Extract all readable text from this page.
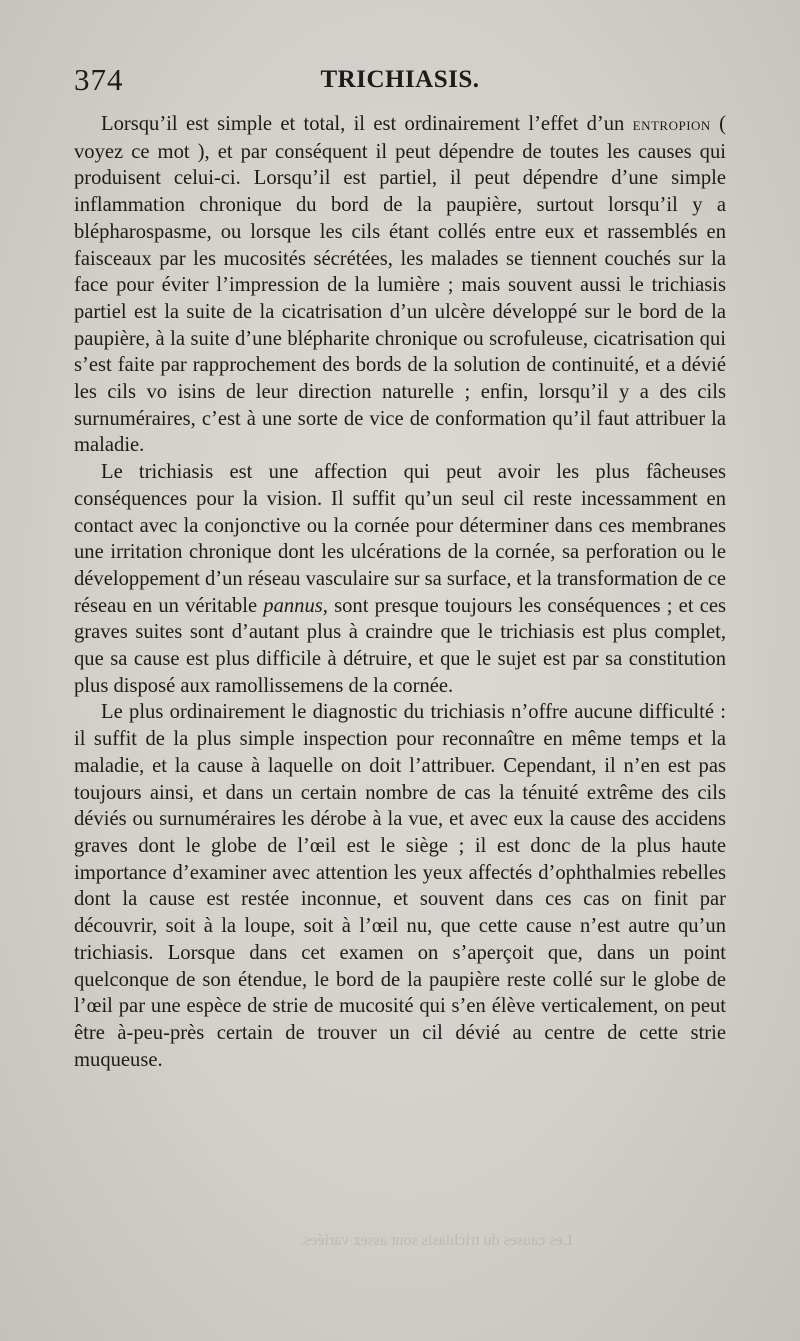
374	TRICHIASIS.

Lorsqu’il est simple et total, il est ordinairement l’effet d’un entropion ( voyez ce mot ), et par conséquent il peut dépendre de toutes les causes qui produisent celui-ci. Lorsqu’il est partiel, il peut dépendre d’une simple inflammation chronique du bord de la paupière, surtout lorsqu’il y a blépharospasme, ou lorsque les cils étant collés entre eux et rassemblés en faisceaux par les mucosités sécrétées, les malades se tiennent couchés sur la face pour éviter l’impression de la lumière ; mais souvent aussi le trichiasis partiel est la suite de la cicatrisation d’un ulcère développé sur le bord de la paupière, à la suite d’une blépharite chronique ou scrofuleuse, cicatrisation qui s’est faite par rapprochement des bords de la solution de continuité, et a dévié les cils vo isins de leur direction naturelle ; enfin, lorsqu’il y a des cils surnuméraires, c’est à une sorte de vice de conformation qu’il faut attribuer la maladie.

Le trichiasis est une affection qui peut avoir les plus fâcheuses conséquences pour la vision. Il suffit qu’un seul cil reste incessamment en contact avec la conjonctive ou la cornée pour déterminer dans ces membranes une irritation chronique dont les ulcérations de la cornée, sa perforation ou le développement d’un réseau vasculaire sur sa surface, et la transformation de ce réseau en un véritable pannus, sont presque toujours les conséquences ; et ces graves suites sont d’autant plus à craindre que le trichiasis est plus complet, que sa cause est plus difficile à détruire, et que le sujet est par sa constitution plus disposé aux ramollissemens de la cornée.

Le plus ordinairement le diagnostic du trichiasis n’offre aucune difficulté : il suffit de la plus simple inspection pour reconnaître en même temps et la maladie, et la cause à laquelle on doit l’attribuer. Cependant, il n’en est pas toujours ainsi, et dans un certain nombre de cas la ténuité extrême des cils déviés ou surnuméraires les dérobe à la vue, et avec eux la cause des accidens graves dont le globe de l’œil est le siège ; il est donc de la plus haute importance d’examiner avec attention les yeux affectés d’ophthalmies rebelles dont la cause est restée inconnue, et souvent dans ces cas on finit par découvrir, soit à la loupe, soit à l’œil nu, que cette cause n’est autre qu’un trichiasis. Lorsque dans cet examen on s’aperçoit que, dans un point quelconque de son étendue, le bord de la paupière reste collé sur le globe de l’œil par une espèce de strie de mucosité qui s’en élève verticalement, on peut être à-peu-près certain de trouver un cil dévié au centre de cette strie muqueuse.

Les causes du trichiasis sont assez variées.
